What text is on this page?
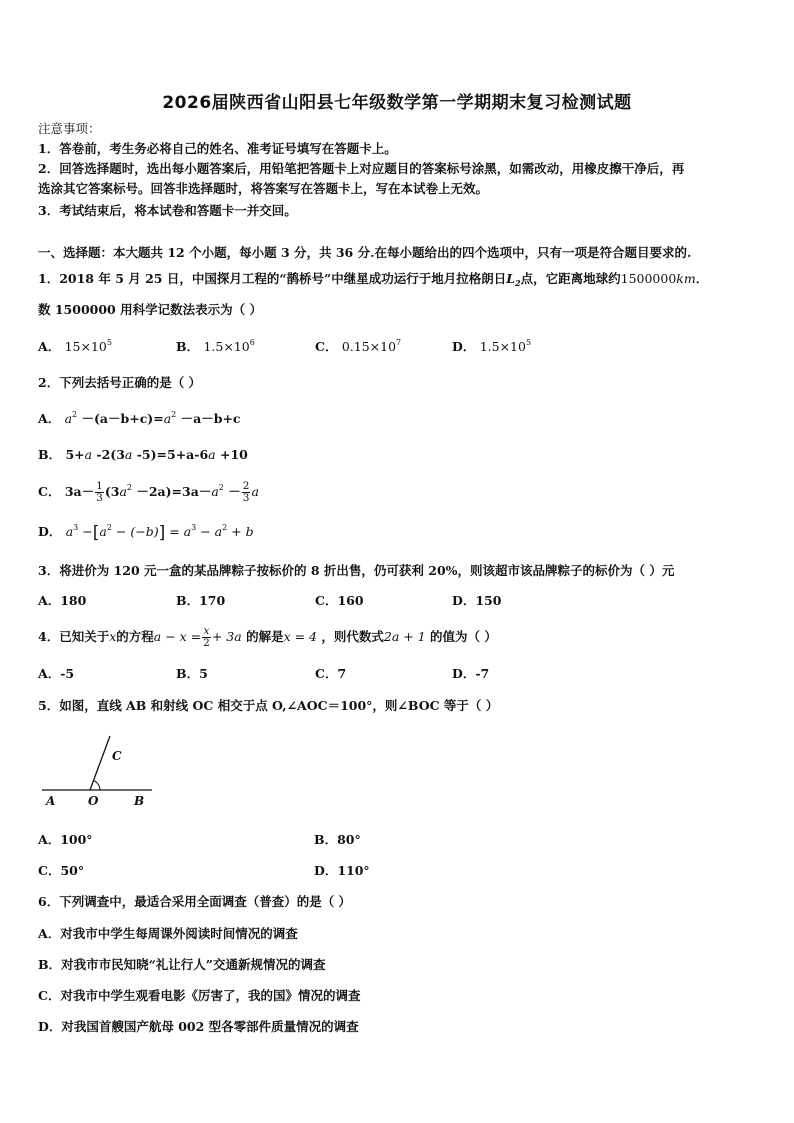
2026届陕西省山阳县七年级数学第一学期期末复习检测试题
注意事项：
1．答卷前，考生务必将自己的姓名、准考证号填写在答题卡上。
2．回答选择题时，选出每小题答案后，用铅笔把答题卡上对应题目的答案标号涂黑，如需改动，用橡皮擦干净后，再
选涂其它答案标号。回答非选择题时，将答案写在答题卡上，写在本试卷上无效。
3．考试结束后，将本试卷和答题卡一并交回。
一、选择题：本大题共 12 个小题，每小题 3 分，共 36 分.在每小题给出的四个选项中，只有一项是符合题目要求的.
1．2018 年 5 月 25 日，中国探月工程的“鹊桥号”中继星成功运行于地月拉格朗日$L_2$点，它距离地球约1500000km．
数 1500000 用科学记数法表示为（ ）
A． $15\times 10^5$	B． $1.5\times 10^6$	C． $0.15\times 10^7$	D． $1.5\times 10^5$
2．下列去括号正确的是（ ）
A． $a^2 -(a-b+c)=a^2 -a-b+c$
B． 5+a -2(3a -5)=5+a-6a +10
C． $3a- \frac{1}{3} (3a^2 -2a)=3a-a^2 - \frac{2}{3}$ a
D． $a^3 -[a^2 - (-b)] = a^3 - a^2 + b$
3．将进价为 120 元一盒的某品牌粽子按标价的 8 折出售，仍可获利 20%，则该超市该品牌粽子的标价为（ ）元
A．180	B．170	C．160	D．150
4．已知关于x的方程$a - x = \frac{x}{2} + 3a$ 的解是x = 4 ，则代数式2a + 1 的值为（ ）
A．-5	B．5	C．7	D．-7
5．如图，直线 AB 和射线 OC 相交于点 O,∠AOC＝100°，则∠BOC 等于（ ）
C
A	O	B
A．100°	B．80°
C．50°	D．110°
6．下列调查中，最适合采用全面调查（普查）的是（ ）
A．对我市中学生每周课外阅读时间情况的调查
B．对我市市民知晓“礼让行人”交通新规情况的调查
C．对我市中学生观看电影《厉害了，我的国》情况的调查
D．对我国首艘国产航母 002 型各零部件质量情况的调查
